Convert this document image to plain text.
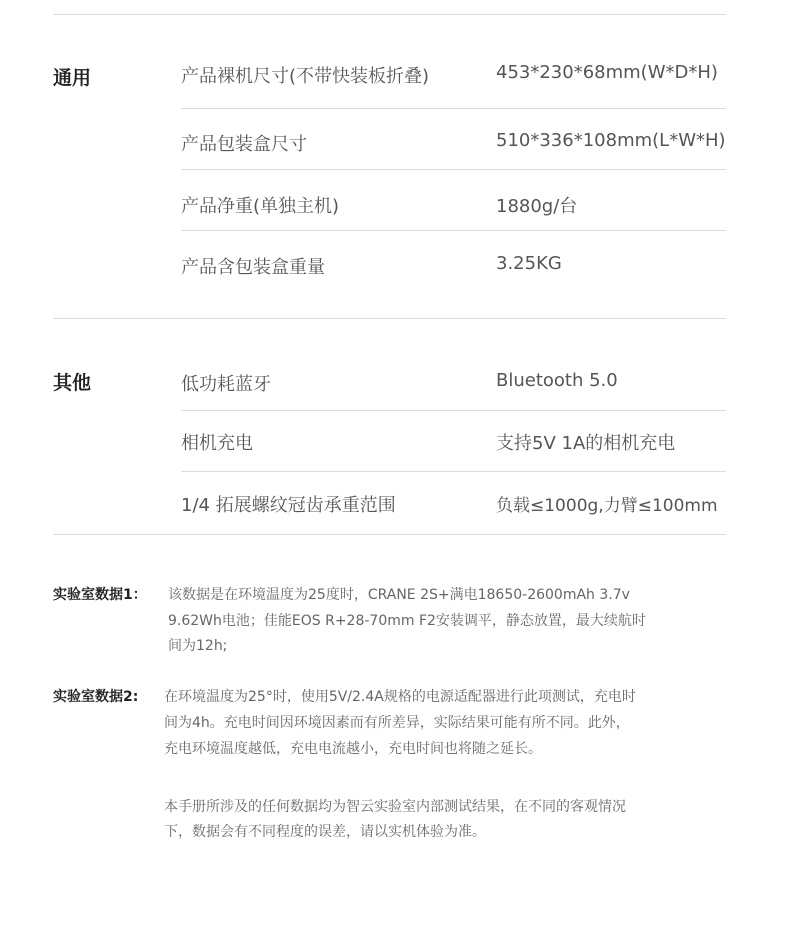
通用	产品裸机尺寸(不带快装板折叠)	453*230*68mm(W*D*H)
产品包装盒尺寸	510*336*108mm(L*W*H)
产品净重(单独主机)	1880g/台
产品含包装盒重量	3.25KG
其他	低功耗蓝牙	Bluetooth 5.0
相机充电	支持5V 1A的相机充电
1/4 拓展螺纹冠齿承重范围	负载≤1000g,力臂≤100mm
实验室数据1： 该数据是在环境温度为25度时，CRANE 2S+满电18650-2600mAh 3.7v
9.62Wh电池；佳能EOS R+28-70mm F2安装调平，静态放置，最大续航时
间为12h;
实验室数据2: 在环境温度为25°时，使用5V/2.4A规格的电源适配器进行此项测试，充电时
间为4h。充电时间因环境因素而有所差异，实际结果可能有所不同。此外，
充电环境温度越低，充电电流越小，充电时间也将随之延长。
本手册所涉及的任何数据均为智云实验室内部测试结果，在不同的客观情况
下，数据会有不同程度的误差，请以实机体验为准。
